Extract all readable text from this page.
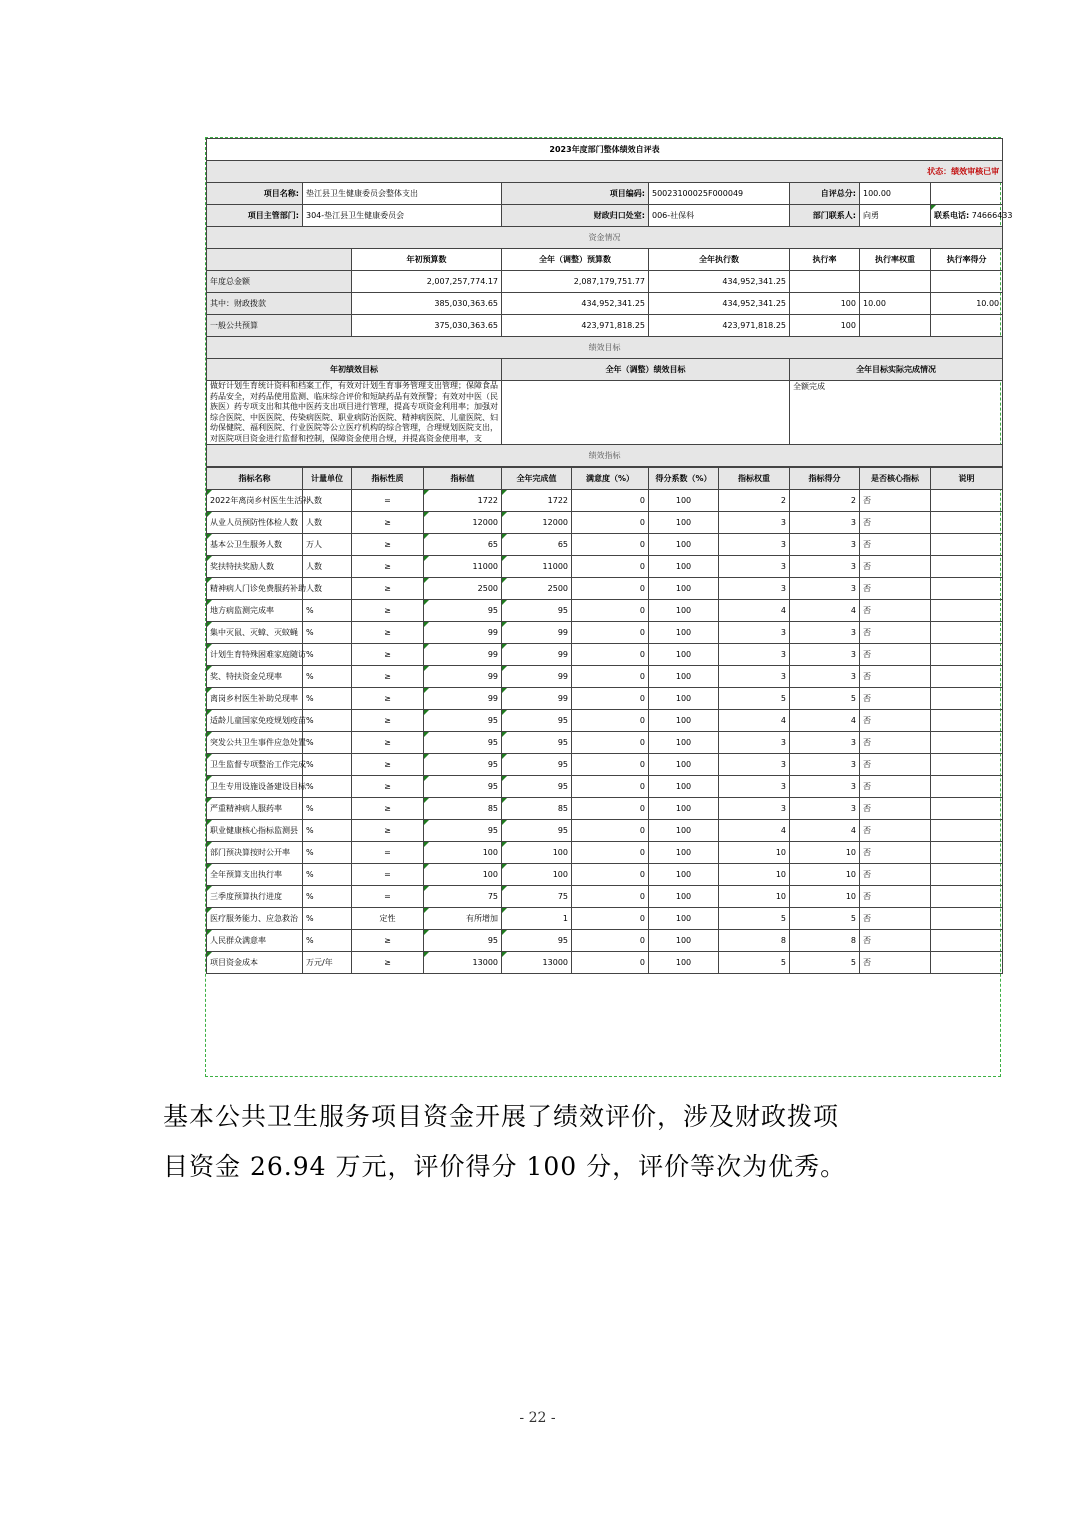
2023年度部门整体绩效自评表							
状态：绩效审核已审							
项目名称:	垫江县卫生健康委员会整体支出		项目编码:	50023100025F000049	自评总分:	100.00	
项目主管部门:	304-垫江县卫生健康委员会		财政归口处室:	006-社保科	部门联系人:	向勇	联系电话: 74666433
资金情况							
		年初预算数	全年（调整）预算数	全年执行数	执行率	执行率权重	执行率得分
年度总金额		2,007,257,774.17	2,087,179,751.77	434,952,341.25			
其中：财政拨款		385,030,363.65	434,952,341.25	434,952,341.25	100	10.00	10.00
一般公共预算		375,030,363.65	423,971,818.25	423,971,818.25	100		
绩效目标							
年初绩效目标			全年（调整）绩效目标		全年目标实际完成情况		
做好计划生育统计资料和档案工作，有效对计划生育事务管理支出管理；保障食品药品安全，对药品使用监测、临床综合评价和短缺药品有效预警；有效对中医（民族医）药专项支出和其他中医药支出项目进行管理，提高专项资金利用率；加强对综合医院、中医医院、传染病医院、职业病防治医院、精神病医院、儿童医院、妇幼保健院、福利医院、行业医院等公立医疗机构的综合管理，合理规划医院支出，对医院项目资金进行监督和控制，保障资金使用合规，并提高资金使用率，支					全额完成		
绩效指标							
指标名称	计量单位	指标性质	指标值	全年完成值	满意度（%）	得分系数（%）	指标权重	指标得分	是否核心指标	说明
2022年离岗乡村医生生活补	人数	=	1722	1722	0	100	2	2	否	
从业人员预防性体检人数	人数	≥	12000	12000	0	100	3	3	否	
基本公卫生服务人数	万人	≥	65	65	0	100	3	3	否	
奖扶特扶奖励人数	人数	≥	11000	11000	0	100	3	3	否	
精神病人门诊免费服药补助	人数	≥	2500	2500	0	100	3	3	否	
地方病监测完成率	%	≥	95	95	0	100	4	4	否	
集中灭鼠、灭蟑、灭蚊蝇	%	≥	99	99	0	100	3	3	否	
计划生育特殊困难家庭随访	%	≥	99	99	0	100	3	3	否	
奖、特扶资金兑现率	%	≥	99	99	0	100	3	3	否	
离岗乡村医生补助兑现率	%	≥	99	99	0	100	5	5	否	
适龄儿童国家免疫规划疫苗	%	≥	95	95	0	100	4	4	否	
突发公共卫生事件应急处置	%	≥	95	95	0	100	3	3	否	
卫生监督专项整治工作完成	%	≥	95	95	0	100	3	3	否	
卫生专用设施设备建设目标	%	≥	95	95	0	100	3	3	否	
严重精神病人服药率	%	≥	85	85	0	100	3	3	否	
职业健康核心指标监测县	%	≥	95	95	0	100	4	4	否	
部门预决算按时公开率	%	=	100	100	0	100	10	10	否	
全年预算支出执行率	%	=	100	100	0	100	10	10	否	
三季度预算执行进度	%	=	75	75	0	100	10	10	否	
医疗服务能力、应急救治	%	定性	有所增加	1	0	100	5	5	否	
人民群众满意率	%	≥	95	95	0	100	8	8	否	
项目资金成本	万元/年	≥	13000	13000	0	100	5	5	否	

基本公共卫生服务项目资金开展了绩效评价，涉及财政拨项

目资金 26.94 万元，评价得分 100 分，评价等次为优秀。

- 22 -
